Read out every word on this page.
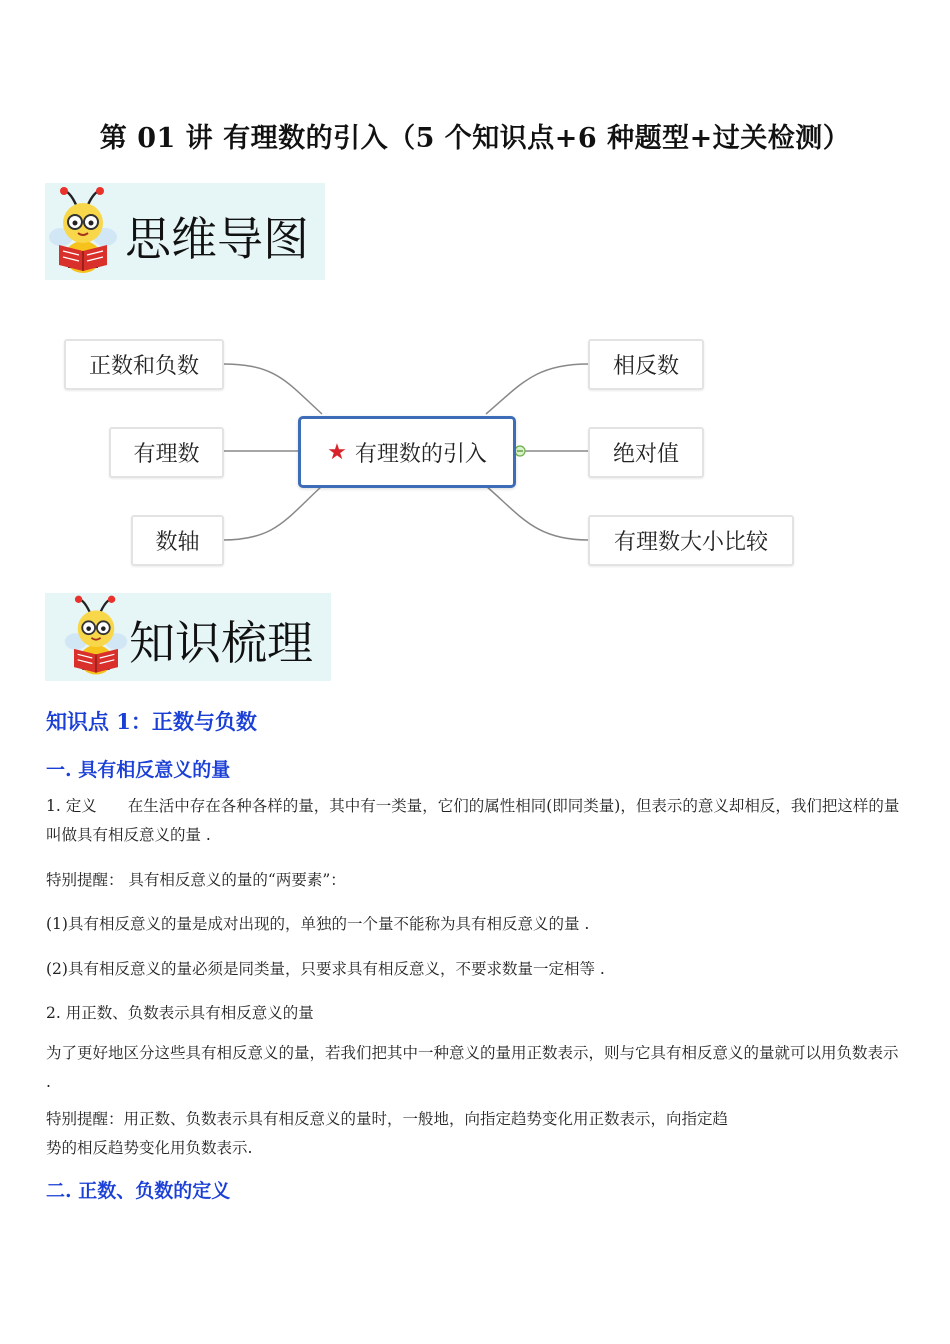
第 01 讲 有理数的引入（5 个知识点+6 种题型+过关检测）
思维导图
正数和负数
有理数
数轴
★ 有理数的引入
相反数
绝对值
有理数大小比较
知识梳理
知识点 1：正数与负数
一. 具有相反意义的量
1. 定义　　在生活中存在各种各样的量，其中有一类量，它们的属性相同(即同类量)，但表示的意义却相反，我们把这样的量叫做具有相反意义的量 .
特别提醒： 具有相反意义的量的“两要素”：
(1)具有相反意义的量是成对出现的，单独的一个量不能称为具有相反意义的量 .
(2)具有相反意义的量必须是同类量，只要求具有相反意义，不要求数量一定相等 .
2. 用正数、负数表示具有相反意义的量
为了更好地区分这些具有相反意义的量，若我们把其中一种意义的量用正数表示，则与它具有相反意义的量就可以用负数表示 .
特别提醒：用正数、负数表示具有相反意义的量时，一般地，向指定趋势变化用正数表示，向指定趋
势的相反趋势变化用负数表示.
二. 正数、负数的定义
